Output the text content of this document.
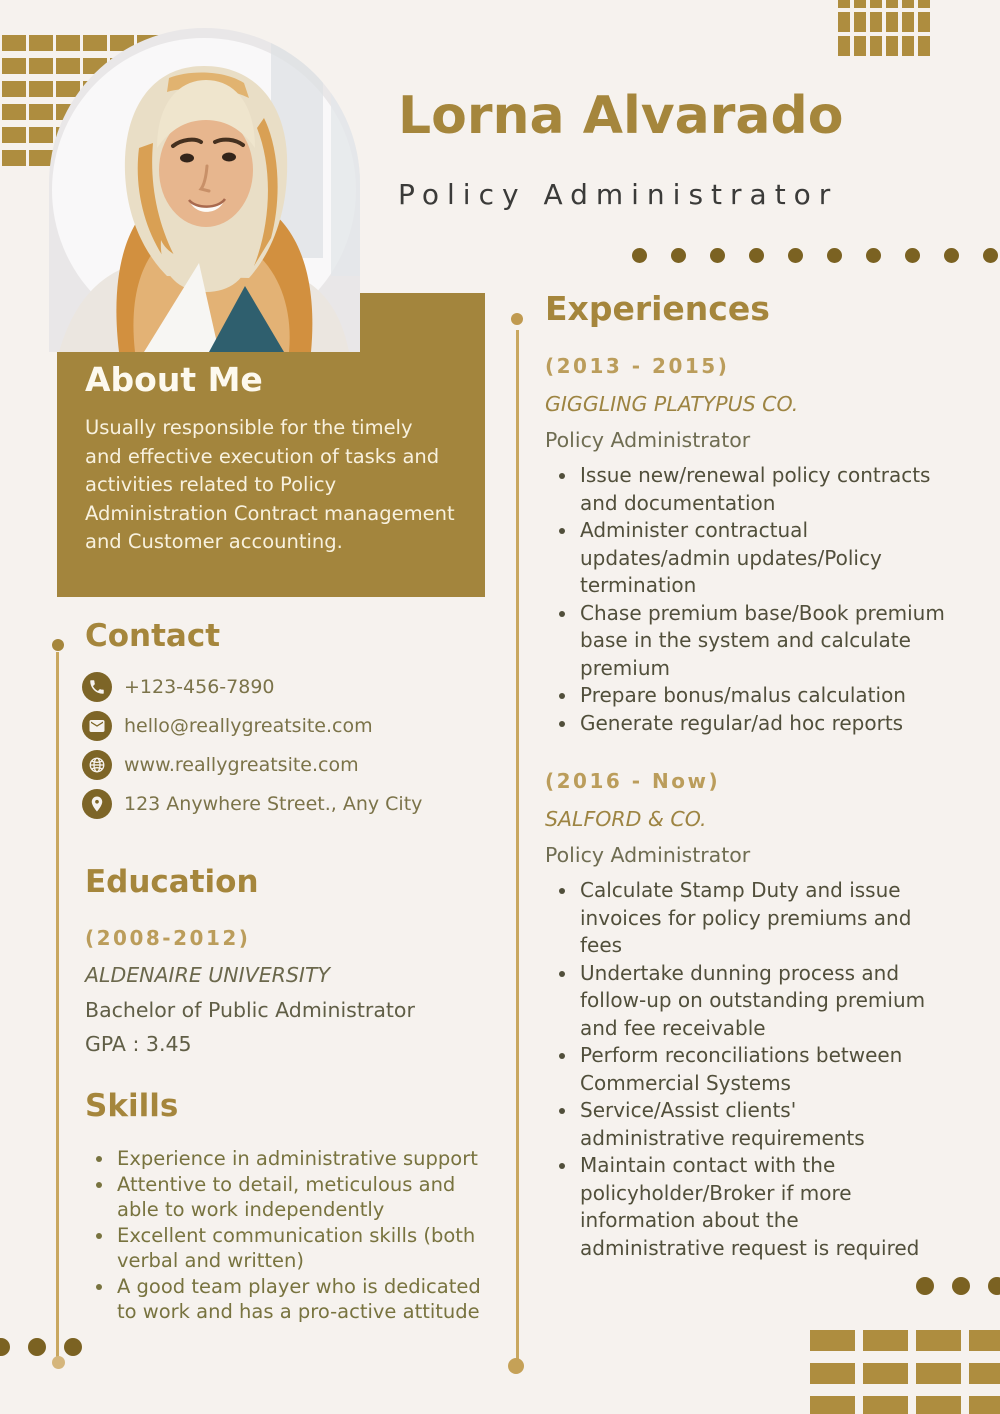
Lorna Alvarado
Policy Administrator
About Me
Usually responsible for the timely and effective execution of tasks and activities related to Policy Administration Contract management and Customer accounting.
Contact
+123-456-7890
hello@reallygreatsite.com
www.reallygreatsite.com
123 Anywhere Street., Any City
Education
(2008-2012)
ALDENAIRE UNIVERSITY
Bachelor of Public Administrator
GPA : 3.45
Skills
• Experience in administrative support
• Attentive to detail, meticulous and able to work independently
• Excellent communication skills (both verbal and written)
• A good team player who is dedicated to work and has a pro-active attitude
Experiences
(2013 - 2015)
GIGGLING PLATYPUS CO.
Policy Administrator
• Issue new/renewal policy contracts and documentation
• Administer contractual updates/admin updates/Policy termination
• Chase premium base/Book premium base in the system and calculate premium
• Prepare bonus/malus calculation
• Generate regular/ad hoc reports
(2016 - Now)
SALFORD & CO.
Policy Administrator
• Calculate Stamp Duty and issue invoices for policy premiums and fees
• Undertake dunning process and follow-up on outstanding premium and fee receivable
• Perform reconciliations between Commercial Systems
• Service/Assist clients' administrative requirements
• Maintain contact with the policyholder/Broker if more information about the administrative request is required
